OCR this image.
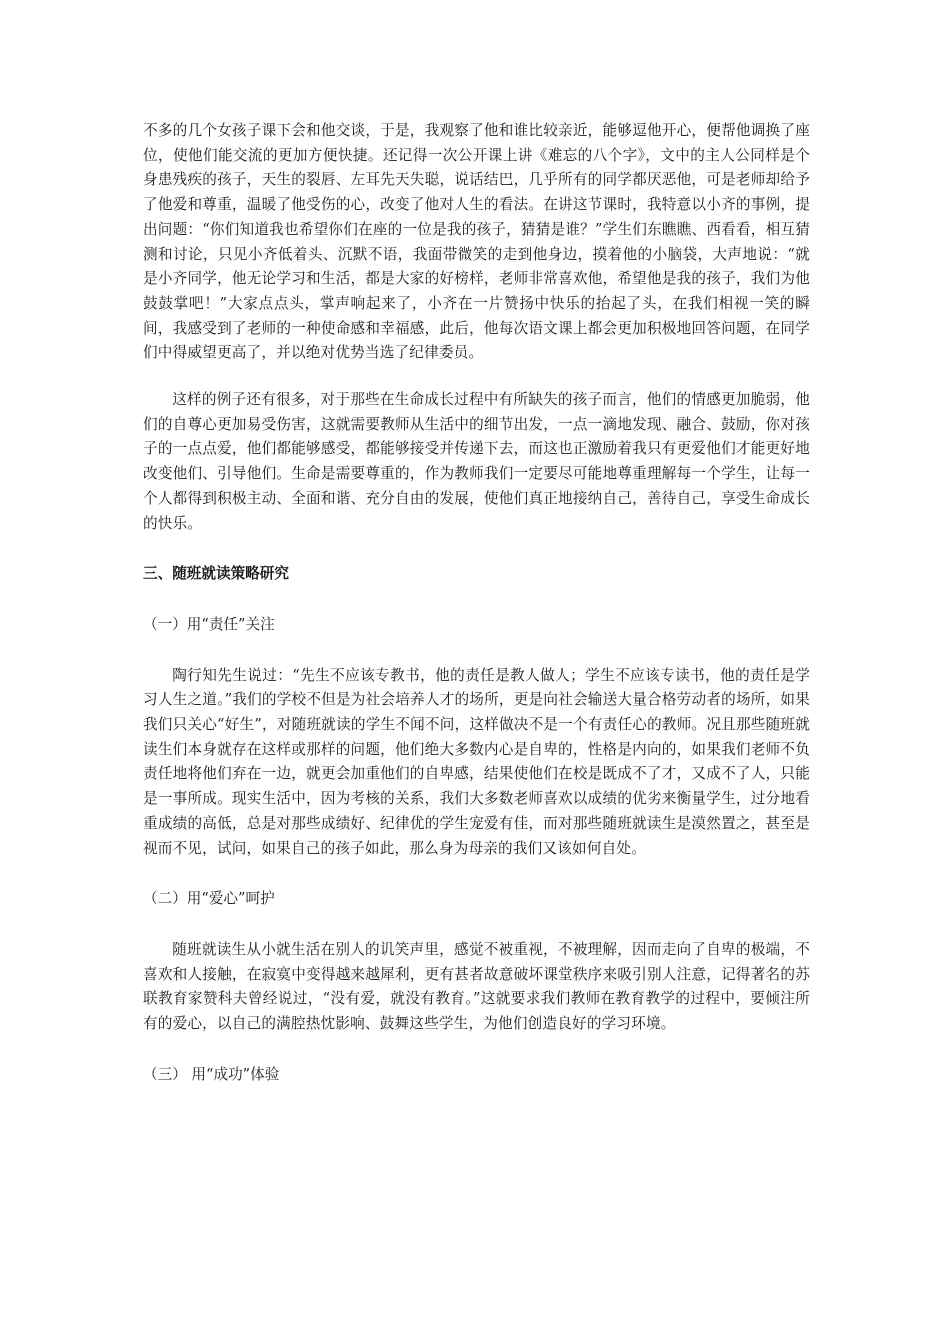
不多的几个女孩子课下会和他交谈，于是，我观察了他和谁比较亲近，能够逗他开心，便帮他调换了座位，使他们能交流的更加方便快捷。还记得一次公开课上讲《难忘的八个字》，文中的主人公同样是个身患残疾的孩子，天生的裂唇、左耳先天失聪，说话结巴，几乎所有的同学都厌恶他，可是老师却给予了他爱和尊重，温暖了他受伤的心，改变了他对人生的看法。在讲这节课时，我特意以小齐的事例，提出问题：“你们知道我也希望你们在座的一位是我的孩子，猜猜是谁？”学生们东瞧瞧、西看看，相互猜测和讨论，只见小齐低着头、沉默不语，我面带微笑的走到他身边，摸着他的小脑袋，大声地说：“就是小齐同学，他无论学习和生活，都是大家的好榜样，老师非常喜欢他，希望他是我的孩子，我们为他鼓鼓掌吧！”大家点点头，掌声响起来了，小齐在一片赞扬中快乐的抬起了头，在我们相视一笑的瞬间，我感受到了老师的一种使命感和幸福感，此后，他每次语文课上都会更加积极地回答问题，在同学们中得威望更高了，并以绝对优势当选了纪律委员。

这样的例子还有很多，对于那些在生命成长过程中有所缺失的孩子而言，他们的情感更加脆弱，他们的自尊心更加易受伤害，这就需要教师从生活中的细节出发，一点一滴地发现、融合、鼓励，你对孩子的一点点爱，他们都能够感受，都能够接受并传递下去，而这也正激励着我只有更爱他们才能更好地改变他们、引导他们。生命是需要尊重的，作为教师我们一定要尽可能地尊重理解每一个学生，让每一个人都得到积极主动、全面和谐、充分自由的发展，使他们真正地接纳自己，善待自己，享受生命成长的快乐。

三、随班就读策略研究

（一）用“责任”关注

陶行知先生说过：“先生不应该专教书，他的责任是教人做人；学生不应该专读书，他的责任是学习人生之道。”我们的学校不但是为社会培养人才的场所，更是向社会输送大量合格劳动者的场所，如果我们只关心“好生”，对随班就读的学生不闻不问，这样做决不是一个有责任心的教师。况且那些随班就读生们本身就存在这样或那样的问题，他们绝大多数内心是自卑的，性格是内向的，如果我们老师不负责任地将他们弃在一边，就更会加重他们的自卑感，结果使他们在校是既成不了才，又成不了人，只能是一事所成。现实生活中，因为考核的关系，我们大多数老师喜欢以成绩的优劣来衡量学生，过分地看重成绩的高低，总是对那些成绩好、纪律优的学生宠爱有佳，而对那些随班就读生是漠然置之，甚至是视而不见，试问，如果自己的孩子如此，那么身为母亲的我们又该如何自处。

（二）用“爱心”呵护

随班就读生从小就生活在别人的讥笑声里，感觉不被重视，不被理解，因而走向了自卑的极端，不喜欢和人接触，在寂寞中变得越来越犀利，更有甚者故意破坏课堂秩序来吸引别人注意，记得著名的苏联教育家赞科夫曾经说过，“没有爱，就没有教育。”这就要求我们教师在教育教学的过程中，要倾注所有的爱心，以自己的满腔热忱影响、鼓舞这些学生，为他们创造良好的学习环境。

（三） 用“成功”体验
